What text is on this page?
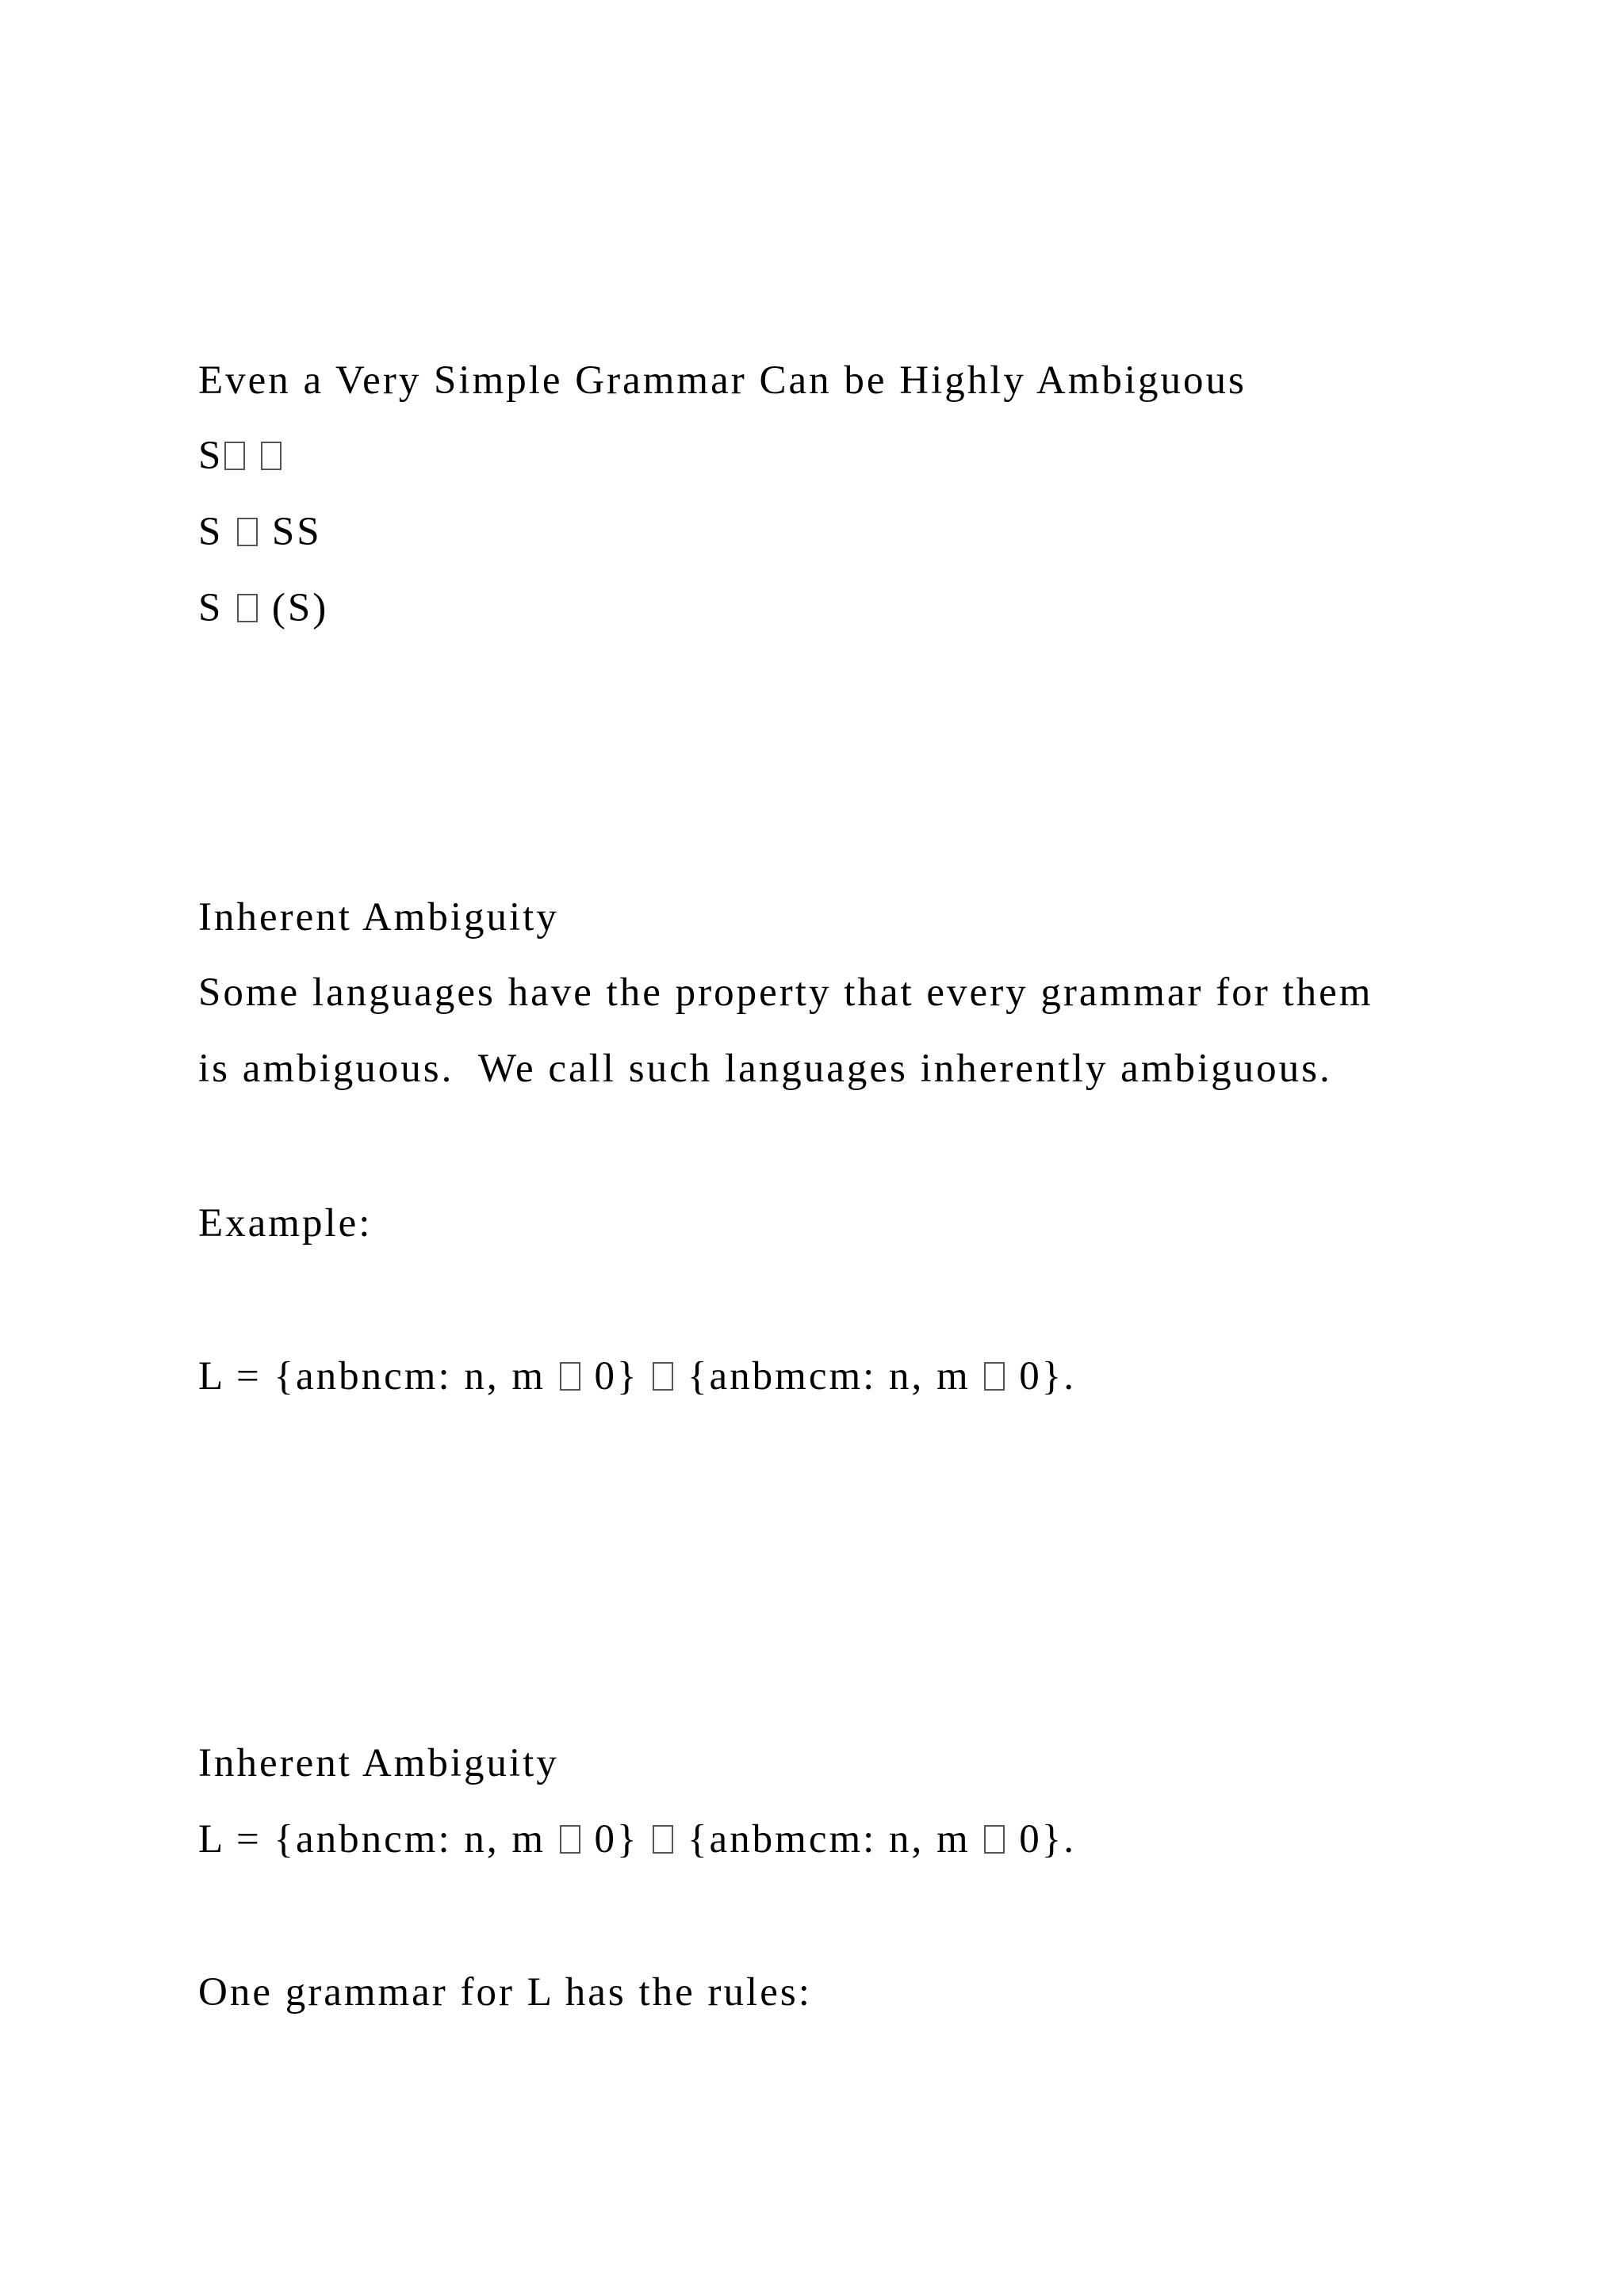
Even a Very Simple Grammar Can be Highly Ambiguous
S
S SS
S (S)
Inherent Ambiguity
Some languages have the property that every grammar for them
is ambiguous.  We call such languages inherently ambiguous.
Example:
L = {anbncm: n, m 0} {anbmcm: n, m 0}.
Inherent Ambiguity
L = {anbncm: n, m 0} {anbmcm: n, m 0}.
One grammar for L has the rules:
